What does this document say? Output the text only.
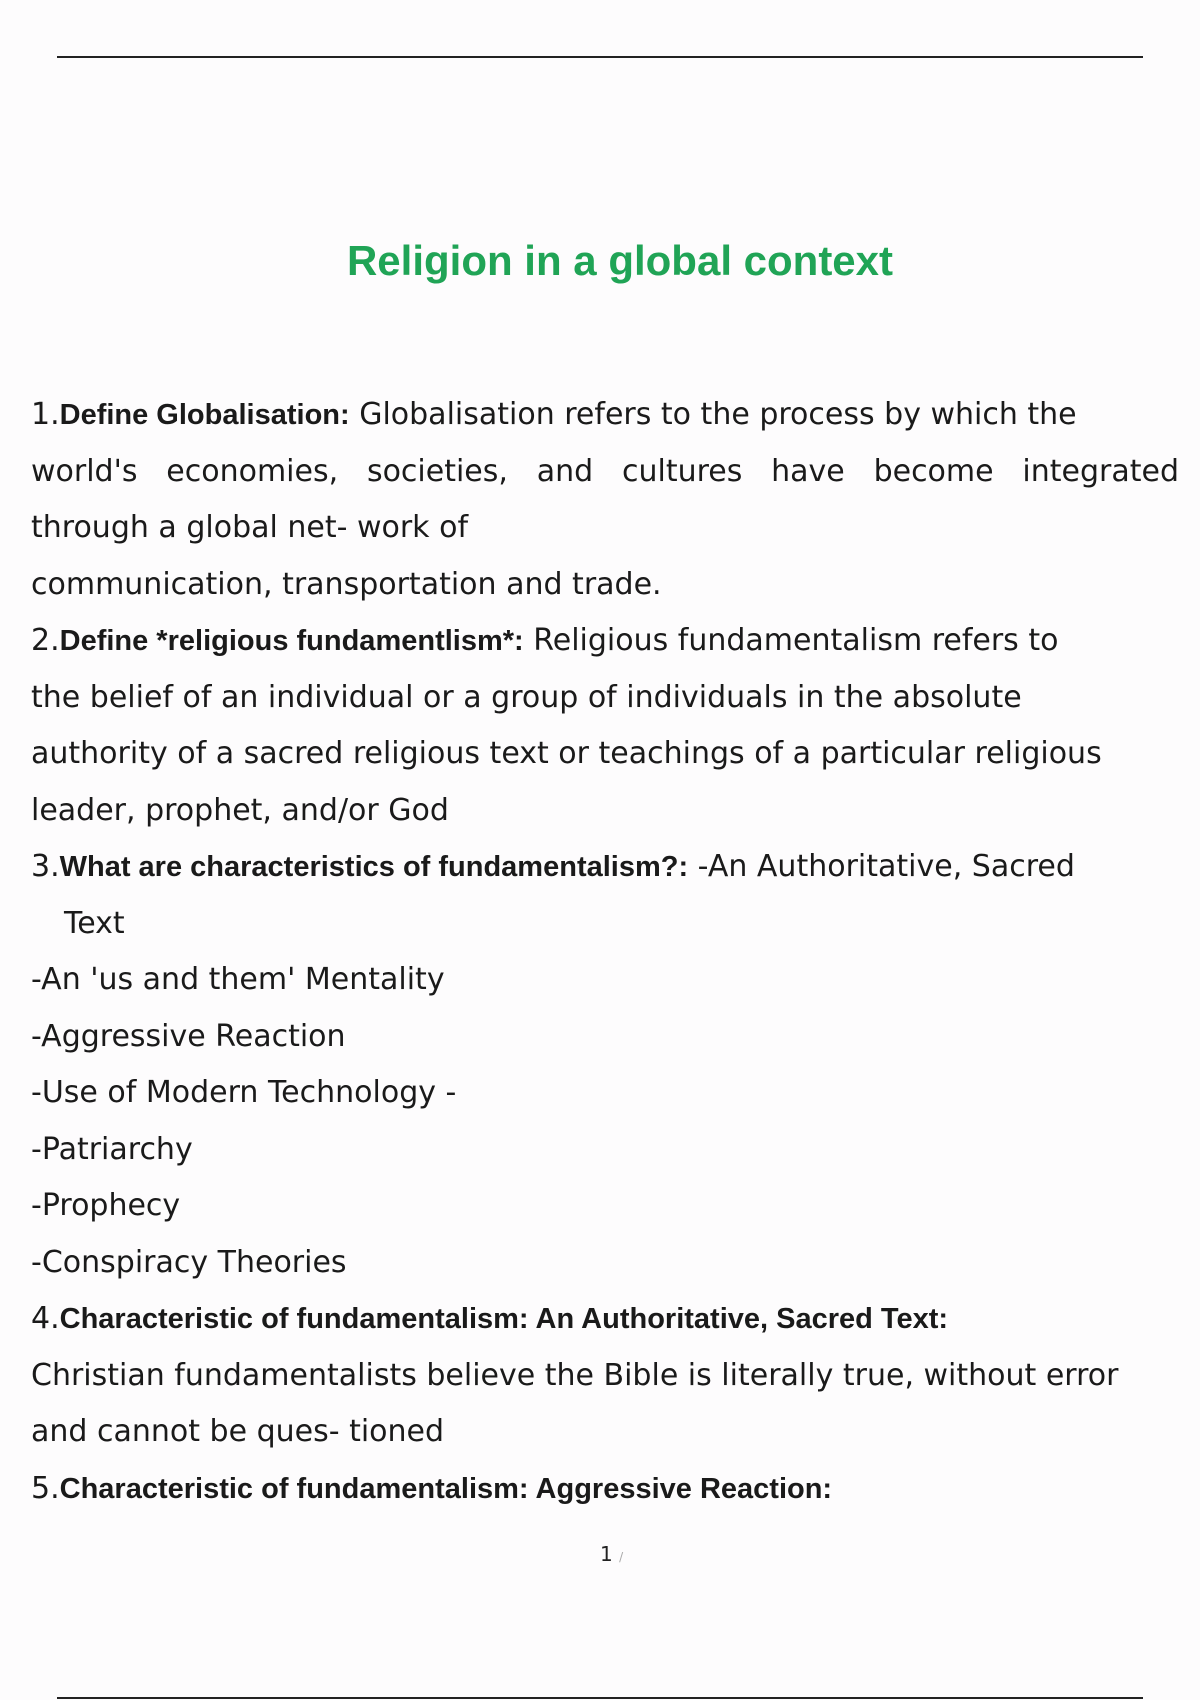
Religion in a global context
1.Define Globalisation: Globalisation refers to the process by which the
world's economies, societies, and cultures have become integrated
through a global net- work of
communication, transportation and trade.
2.Define *religious fundamentlism*: Religious fundamentalism refers to
the belief of an individual or a group of individuals in the absolute
authority of a sacred religious text or teachings of a particular religious
leader, prophet, and/or God
3.What are characteristics of fundamentalism?: -An Authoritative, Sacred
Text
-An 'us and them' Mentality
-Aggressive Reaction
-Use of Modern Technology -
-Patriarchy
-Prophecy
-Conspiracy Theories
4.Characteristic of fundamentalism: An Authoritative, Sacred Text:
Christian fundamentalists believe the Bible is literally true, without error
and cannot be ques- tioned
5.Characteristic of fundamentalism: Aggressive Reaction:
1 /
